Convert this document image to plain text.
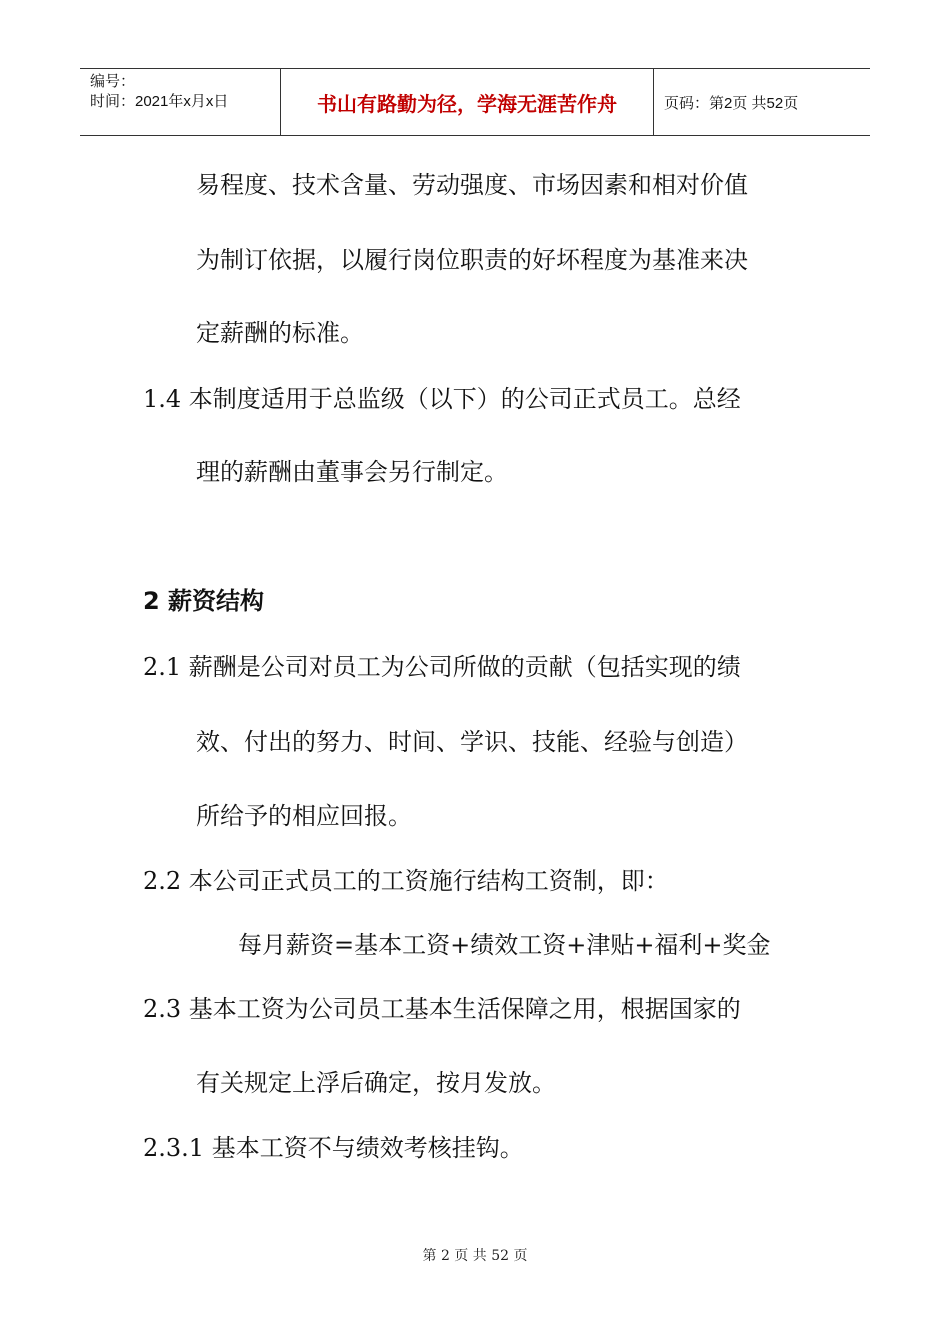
编号：
时间：2021年x月x日	书山有路勤为径，学海无涯苦作舟	页码：第2页 共52页
易程度、技术含量、劳动强度、市场因素和相对价值
为制订依据，以履行岗位职责的好坏程度为基准来决
定薪酬的标准。
1.4 本制度适用于总监级（以下）的公司正式员工。总经
理的薪酬由董事会另行制定。
2 薪资结构
2.1 薪酬是公司对员工为公司所做的贡献（包括实现的绩
效、付出的努力、时间、学识、技能、经验与创造）
所给予的相应回报。
2.2 本公司正式员工的工资施行结构工资制，即：
每月薪资=基本工资+绩效工资+津贴+福利+奖金
2.3 基本工资为公司员工基本生活保障之用，根据国家的
有关规定上浮后确定，按月发放。
2.3.1 基本工资不与绩效考核挂钩。
第 2 页 共 52 页
